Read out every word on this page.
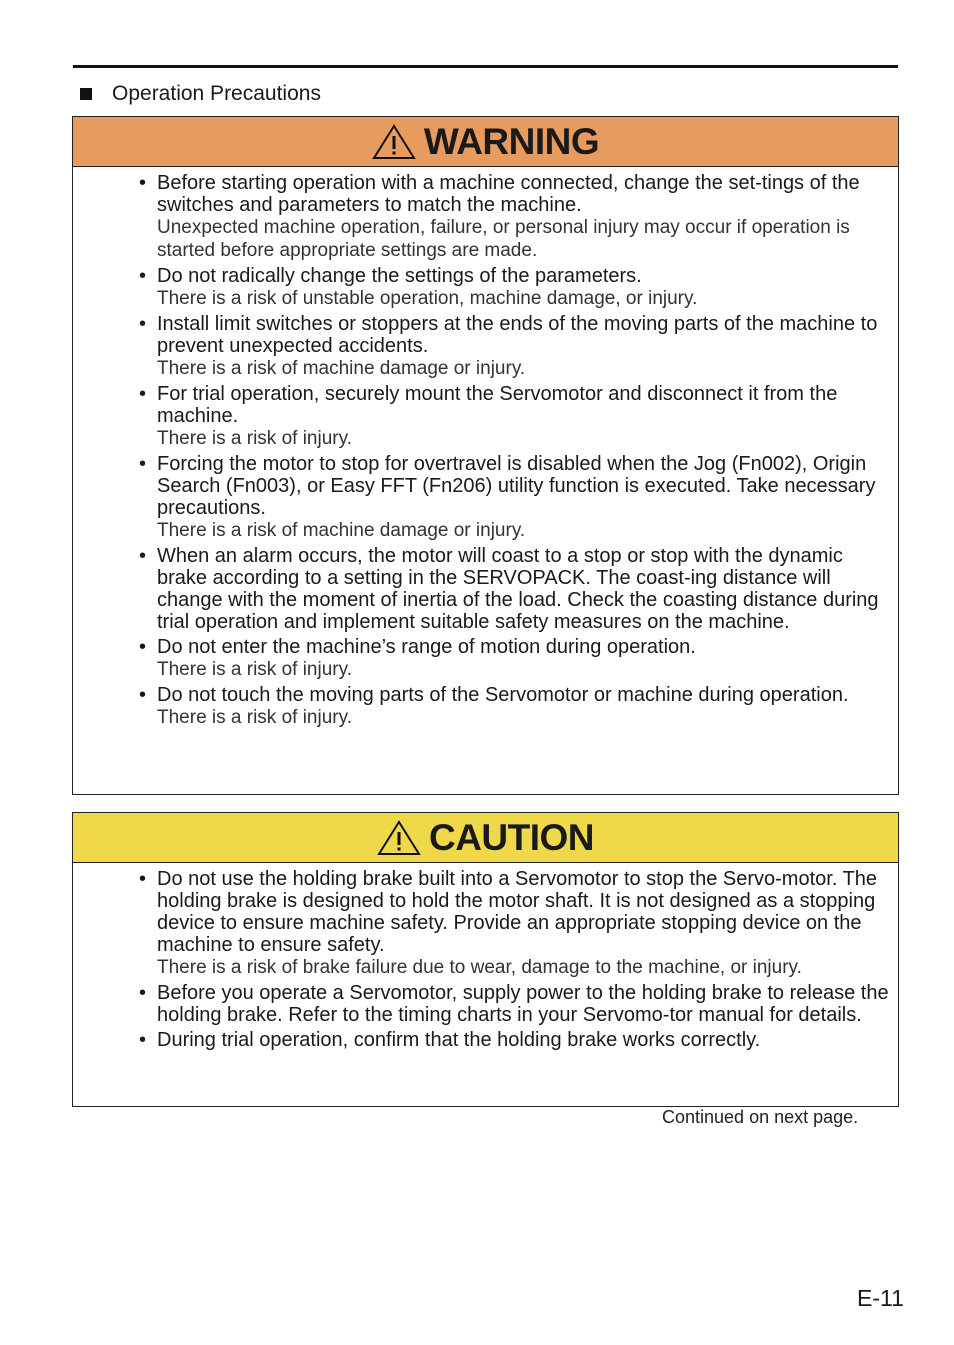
Operation Precautions
WARNING
• Before starting operation with a machine connected, change the set-tings of the switches and parameters to match the machine.
Unexpected machine operation, failure, or personal injury may occur if operation is started before appropriate settings are made.
• Do not radically change the settings of the parameters.
There is a risk of unstable operation, machine damage, or injury.
• Install limit switches or stoppers at the ends of the moving parts of the machine to prevent unexpected accidents.
There is a risk of machine damage or injury.
• For trial operation, securely mount the Servomotor and disconnect it from the machine.
There is a risk of injury.
• Forcing the motor to stop for overtravel is disabled when the Jog (Fn002), Origin Search (Fn003), or Easy FFT (Fn206) utility function is executed. Take necessary precautions.
There is a risk of machine damage or injury.
• When an alarm occurs, the motor will coast to a stop or stop with the dynamic brake according to a setting in the SERVOPACK. The coast-ing distance will change with the moment of inertia of the load. Check the coasting distance during trial operation and implement suitable safety measures on the machine.
• Do not enter the machine’s range of motion during operation.
There is a risk of injury.
• Do not touch the moving parts of the Servomotor or machine during operation.
There is a risk of injury.
CAUTION
• Do not use the holding brake built into a Servomotor to stop the Servo-motor. The holding brake is designed to hold the motor shaft. It is not designed as a stopping device to ensure machine safety. Provide an appropriate stopping device on the machine to ensure safety.
There is a risk of brake failure due to wear, damage to the machine, or injury.
• Before you operate a Servomotor, supply power to the holding brake to release the holding brake. Refer to the timing charts in your Servomo-tor manual for details.
• During trial operation, confirm that the holding brake works correctly.
Continued on next page.
E-11
